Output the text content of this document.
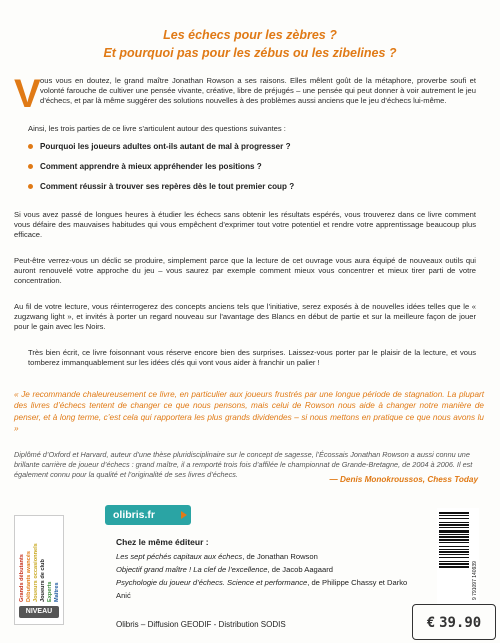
Les échecs pour les zèbres ?
Et pourquoi pas pour les zébus ou les zibelines ?
V ous vous en doutez, le grand maître Jonathan Rowson a ses raisons. Elles mêlent goût de la métaphore, proverbe soufi et volonté farouche de cultiver une pensée vivante, créative, libre de préjugés – une pensée qui peut donner à voir autrement le jeu d’échecs, et par là même suggérer des solutions nouvelles à des problèmes aussi anciens que le jeu d’échecs lui-même.
Ainsi, les trois parties de ce livre s’articulent autour des questions suivantes :
Pourquoi les joueurs adultes ont-ils autant de mal à progresser ?
Comment apprendre à mieux appréhender les positions ?
Comment réussir à trouver ses repères dès le tout premier coup ?
Si vous avez passé de longues heures à étudier les échecs sans obtenir les résultats espérés, vous trouverez dans ce livre comment vous défaire des mauvaises habitudes qui vous empêchent d’exprimer tout votre potentiel et rendre votre apprentissage beaucoup plus efficace.
Peut-être verrez-vous un déclic se produire, simplement parce que la lecture de cet ouvrage vous aura équipé de nouveaux outils qui auront renouvelé votre approche du jeu – vous saurez par exemple comment mieux vous concentrer et mieux tirer parti de votre concentration.
Au fil de votre lecture, vous réinterrogerez des concepts anciens tels que l’initiative, serez exposés à de nouvelles idées telles que le « zugzwang light », et invités à porter un regard nouveau sur l’avantage des Blancs en début de partie et sur la meilleure façon de jouer pour le gain avec les Noirs.
Très bien écrit, ce livre foisonnant vous réserve encore bien des surprises. Laissez-vous porter par le plaisir de la lecture, et vous tomberez immanquablement sur les idées clés qui vont vous aider à franchir un palier !
« Je recommande chaleureusement ce livre, en particulier aux joueurs frustrés par une longue période de stagnation. La plupart des livres d’échecs tentent de changer ce que nous pensons, mais celui de Rowson nous aide à changer notre manière de penser, et à long terme, c’est cela qui rapportera les plus grands dividendes – si nous mettons en pratique ce que nous avons lu »
— Denis Monokroussos, Chess Today
Diplômé d’Oxford et Harvard, auteur d’une thèse pluridisciplinaire sur le concept de sagesse, l’Écossais Jonathan Rowson a aussi connu une brillante carrière de joueur d’échecs : grand maître, il a remporté trois fois d’affilée le championnat de Grande-Bretagne, de 2004 à 2006. Il est également connu pour la qualité et l’originalité de ses livres d’échecs.
Grands débutants Débutants avancés Joueurs occasionnels Joueurs de club Experts Maîtres
NIVEAU
olibris.fr
Chez le même éditeur :
Les sept péchés capitaux aux échecs, de Jonathan Rowson
Objectif grand maître ! La clef de l’excellence, de Jacob Aagaard
Psychologie du joueur d’échecs. Science et performance, de Philippe Chassy et Darko Anić
Olibris – Diffusion GEODIF - Distribution SODIS
9 791097 140939
€ 39.90
